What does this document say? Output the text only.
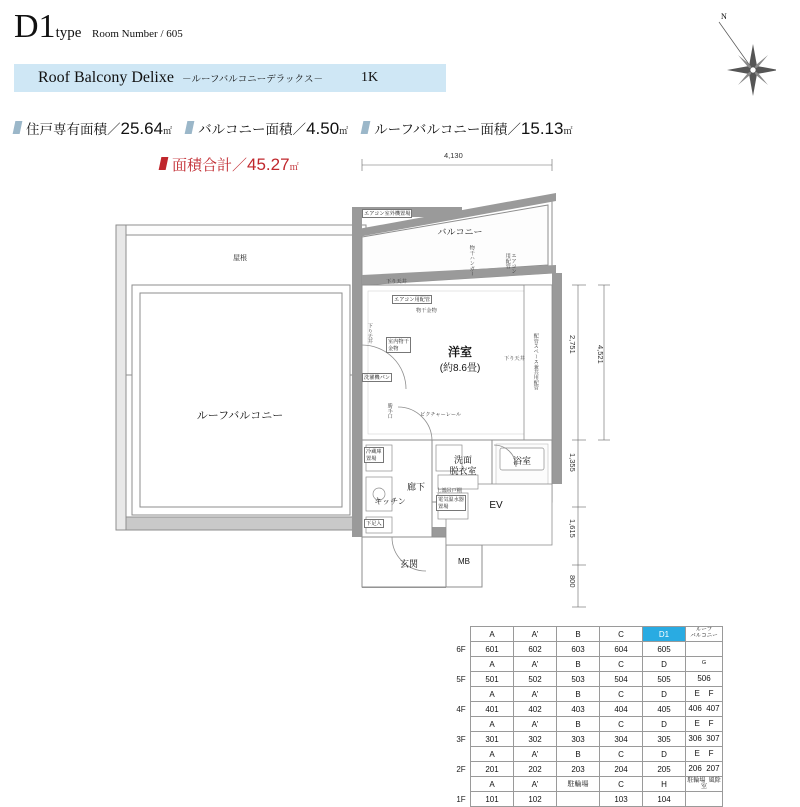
D1type Room Number / 605
Roof Balcony Delixe －ルーフバルコニーデラックス－	1K
住戸専有面積／ 25.64 ㎡ バルコニー面積／ 4.50 ㎡ ルーフバルコニー面積／ 15.13 ㎡
面積合計／ 45.27 ㎡
N
4,130
2,751
1,355
1,615
800
4,521
ルーフバルコニー
屋根
バルコニー
洋室
(約8.6畳)
浴室
洗面
脱衣室
キッチン
廊下
玄関
EV
MB
エアコン室外機置場
物干金物
エアコン用配管
下り天井
下り天井
下り天井
ピクチャーレール
上部吊戸棚
冷蔵庫
置場
下足入
室内物干
金物
電気温水器
置場
洗濯機パン
勝手口
配管スペース兼共用配管
エアコン
用配管
物干ハンガー
	A	A'	B	C	D1	ルーフ
バルコニー
6F	601	602	603	604	605	
	A	A'	B	C	D	G
5F	501	502	503	504	505	506
	A	A'	B	C	D	E    F
4F	401	402	403	404	405	406  407
	A	A'	B	C	D	E    F
3F	301	302	303	304	305	306  307
	A	A'	B	C	D	E    F
2F	201	202	203	204	205	206  207
	A	A'	駐輪場	C	H	駐輪場  風除室
1F	101	102		103	104	
